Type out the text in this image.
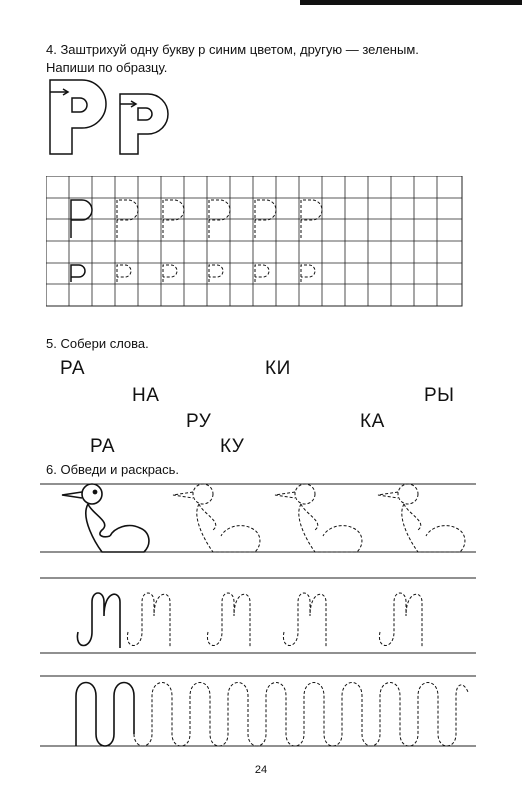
4. Заштрихуй одну букву р синим цветом, другую — зеленым.
Напиши по образцу.
5. Собери слова.
РА	КИ
НА	РЫ
РУ	КА
РА	КУ
6. Обведи и раскрась.
24
